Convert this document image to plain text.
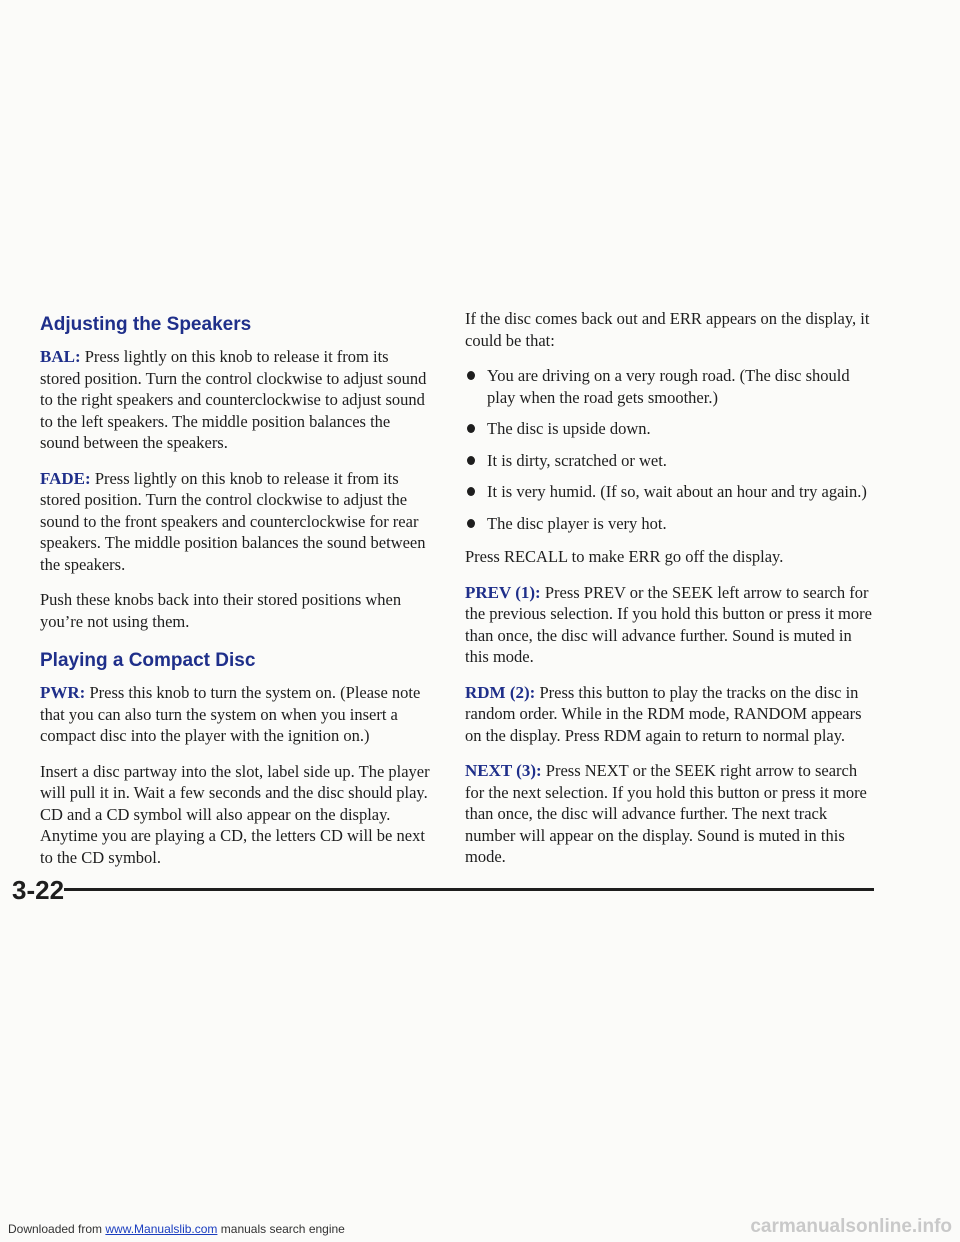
Adjusting the Speakers

BAL: Press lightly on this knob to release it from its stored position. Turn the control clockwise to adjust sound to the right speakers and counterclockwise to adjust sound to the left speakers. The middle position balances the sound between the speakers.

FADE: Press lightly on this knob to release it from its stored position. Turn the control clockwise to adjust the sound to the front speakers and counterclockwise for rear speakers. The middle position balances the sound between the speakers.

Push these knobs back into their stored positions when you’re not using them.

Playing a Compact Disc

PWR: Press this knob to turn the system on. (Please note that you can also turn the system on when you insert a compact disc into the player with the ignition on.)

Insert a disc partway into the slot, label side up. The player will pull it in. Wait a few seconds and the disc should play. CD and a CD symbol will also appear on the display. Anytime you are playing a CD, the letters CD will be next to the CD symbol.

If the disc comes back out and ERR appears on the display, it could be that:

You are driving on a very rough road. (The disc should play when the road gets smoother.)
The disc is upside down.
It is dirty, scratched or wet.
It is very humid. (If so, wait about an hour and try again.)
The disc player is very hot.

Press RECALL to make ERR go off the display.

PREV (1): Press PREV or the SEEK left arrow to search for the previous selection. If you hold this button or press it more than once, the disc will advance further. Sound is muted in this mode.

RDM (2): Press this button to play the tracks on the disc in random order. While in the RDM mode, RANDOM appears on the display. Press RDM again to return to normal play.

NEXT (3): Press NEXT or the SEEK right arrow to search for the next selection. If you hold this button or press it more than once, the disc will advance further. The next track number will appear on the display. Sound is muted in this mode.

3-22
Downloaded from www.Manualslib.com manuals search engine	carmanualsonline.info
